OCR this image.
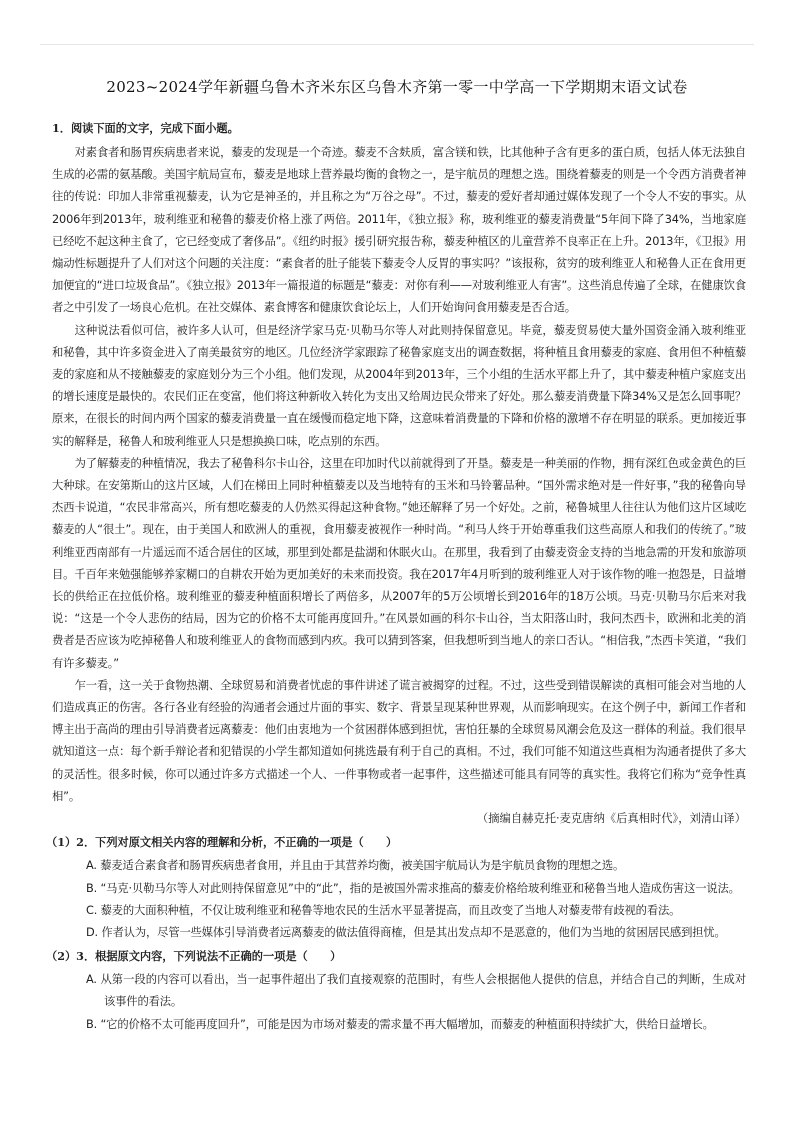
2023~2024学年新疆乌鲁木齐米东区乌鲁木齐第一零一中学高一下学期期末语文试卷
1．阅读下面的文字，完成下面小题。

对素食者和肠胃疾病患者来说，藜麦的发现是一个奇迹。藜麦不含麸质，富含镁和铁，比其他种子含有更多的蛋白质，包括人体无法独自生成的必需的氨基酸。美国宇航局宣布，藜麦是地球上营养最均衡的食物之一，是宇航员的理想之选。围绕着藜麦的则是一个令西方消费者神往的传说：印加人非常重视藜麦，认为它是神圣的，并且称之为“万谷之母”。不过，藜麦的爱好者却通过媒体发现了一个令人不安的事实。从2006年到2013年，玻利维亚和秘鲁的藜麦价格上涨了两倍。2011年，《独立报》称，玻利维亚的藜麦消费量“5年间下降了34%，当地家庭已经吃不起这种主食了，它已经变成了奢侈品”。《纽约时报》援引研究报告称，藜麦种植区的儿童营养不良率正在上升。2013年，《卫报》用煽动性标题提升了人们对这个问题的关注度：“素食者的肚子能装下藜麦令人反胃的事实吗？”该报称，贫穷的玻利维亚人和秘鲁人正在食用更加便宜的“进口垃圾食品”。《独立报》2013年一篇报道的标题是“藜麦：对你有利——对玻利维亚人有害”。这些消息传遍了全球，在健康饮食者之中引发了一场良心危机。在社交媒体、素食博客和健康饮食论坛上，人们开始询问食用藜麦是否合适。

这种说法看似可信，被许多人认可，但是经济学家马克·贝勒马尔等人对此则持保留意见。毕竟，藜麦贸易使大量外国资金涌入玻利维亚和秘鲁，其中许多资金进入了南美最贫穷的地区。几位经济学家跟踪了秘鲁家庭支出的调查数据，将种植且食用藜麦的家庭、食用但不种植藜麦的家庭和从不接触藜麦的家庭划分为三个小组。他们发现，从2004年到2013年，三个小组的生活水平都上升了，其中藜麦种植户家庭支出的增长速度是最快的。农民们正在变富，他们将这种新收入转化为支出又给周边民众带来了好处。那么藜麦消费量下降34%又是怎么回事呢？原来，在很长的时间内两个国家的藜麦消费量一直在缓慢而稳定地下降，这意味着消费量的下降和价格的激增不存在明显的联系。更加接近事实的解释是，秘鲁人和玻利维亚人只是想换换口味，吃点别的东西。

为了解藜麦的种植情况，我去了秘鲁科尔卡山谷，这里在印加时代以前就得到了开垦。藜麦是一种美丽的作物，拥有深红色或金黄色的巨大种球。在安第斯山的这片区域，人们在梯田上同时种植藜麦以及当地特有的玉米和马铃薯品种。“国外需求绝对是一件好事，”我的秘鲁向导杰西卡说道，“农民非常高兴，所有想吃藜麦的人仍然买得起这种食物。”她还解释了另一个好处。之前，秘鲁城里人往往认为他们这片区域吃藜麦的人“很土”。现在，由于美国人和欧洲人的重视，食用藜麦被视作一种时尚。“利马人终于开始尊重我们这些高原人和我们的传统了。”玻利维亚西南部有一片遥远而不适合居住的区域，那里到处都是盐湖和休眠火山。在那里，我看到了由藜麦资金支持的当地急需的开发和旅游项目。千百年来勉强能够养家糊口的自耕农开始为更加美好的未来而投资。我在2017年4月听到的玻利维亚人对于该作物的唯一抱怨是，日益增长的供给正在拉低价格。玻利维亚的藜麦种植面积增长了两倍多，从2007年的5万公顷增长到2016年的18万公顷。马克·贝勒马尔后来对我说：“这是一个令人悲伤的结局，因为它的价格不太可能再度回升。”在风景如画的科尔卡山谷，当太阳落山时，我问杰西卡，欧洲和北美的消费者是否应该为吃掉秘鲁人和玻利维亚人的食物而感到内疚。我可以猜到答案，但我想听到当地人的亲口否认。“相信我，”杰西卡笑道，“我们有许多藜麦。”

乍一看，这一关于食物热潮、全球贸易和消费者忧虑的事件讲述了谎言被揭穿的过程。不过，这些受到错误解读的真相可能会对当地的人们造成真正的伤害。各行各业有经验的沟通者会通过片面的事实、数字、背景呈现某种世界观，从而影响现实。在这个例子中，新闻工作者和博主出于高尚的理由引导消费者远离藜麦：他们由衷地为一个贫困群体感到担忧，害怕狂暴的全球贸易风潮会危及这一群体的利益。我们很早就知道这一点：每个新手辩论者和犯错误的小学生都知道如何挑选最有利于自己的真相。不过，我们可能不知道这些真相为沟通者提供了多大的灵活性。很多时候，你可以通过许多方式描述一个人、一件事物或者一起事件，这些描述可能具有同等的真实性。我将它们称为“竞争性真相”。

（摘编自赫克托·麦克唐纳《后真相时代》，刘清山译）

（1）2．下列对原文相关内容的理解和分析，不正确的一项是（　　）
A. 藜麦适合素食者和肠胃疾病患者食用，并且由于其营养均衡，被美国宇航局认为是宇航员食物的理想之选。
B. “马克·贝勒马尔等人对此则持保留意见”中的“此”，指的是被国外需求推高的藜麦价格给玻利维亚和秘鲁当地人造成伤害这一说法。
C. 藜麦的大面积种植，不仅让玻利维亚和秘鲁等地农民的生活水平显著提高，而且改变了当地人对藜麦带有歧视的看法。
D. 作者认为，尽管一些媒体引导消费者远离藜麦的做法值得商榷，但是其出发点却不是恶意的，他们为当地的贫困居民感到担忧。
（2）3．根据原文内容，下列说法不正确的一项是（　　）
A. 从第一段的内容可以看出，当一起事件超出了我们直接观察的范围时，有些人会根据他人提供的信息，并结合自己的判断，生成对该事件的看法。
B. “它的价格不太可能再度回升”，可能是因为市场对藜麦的需求量不再大幅增加，而藜麦的种植面积持续扩大，供给日益增长。
